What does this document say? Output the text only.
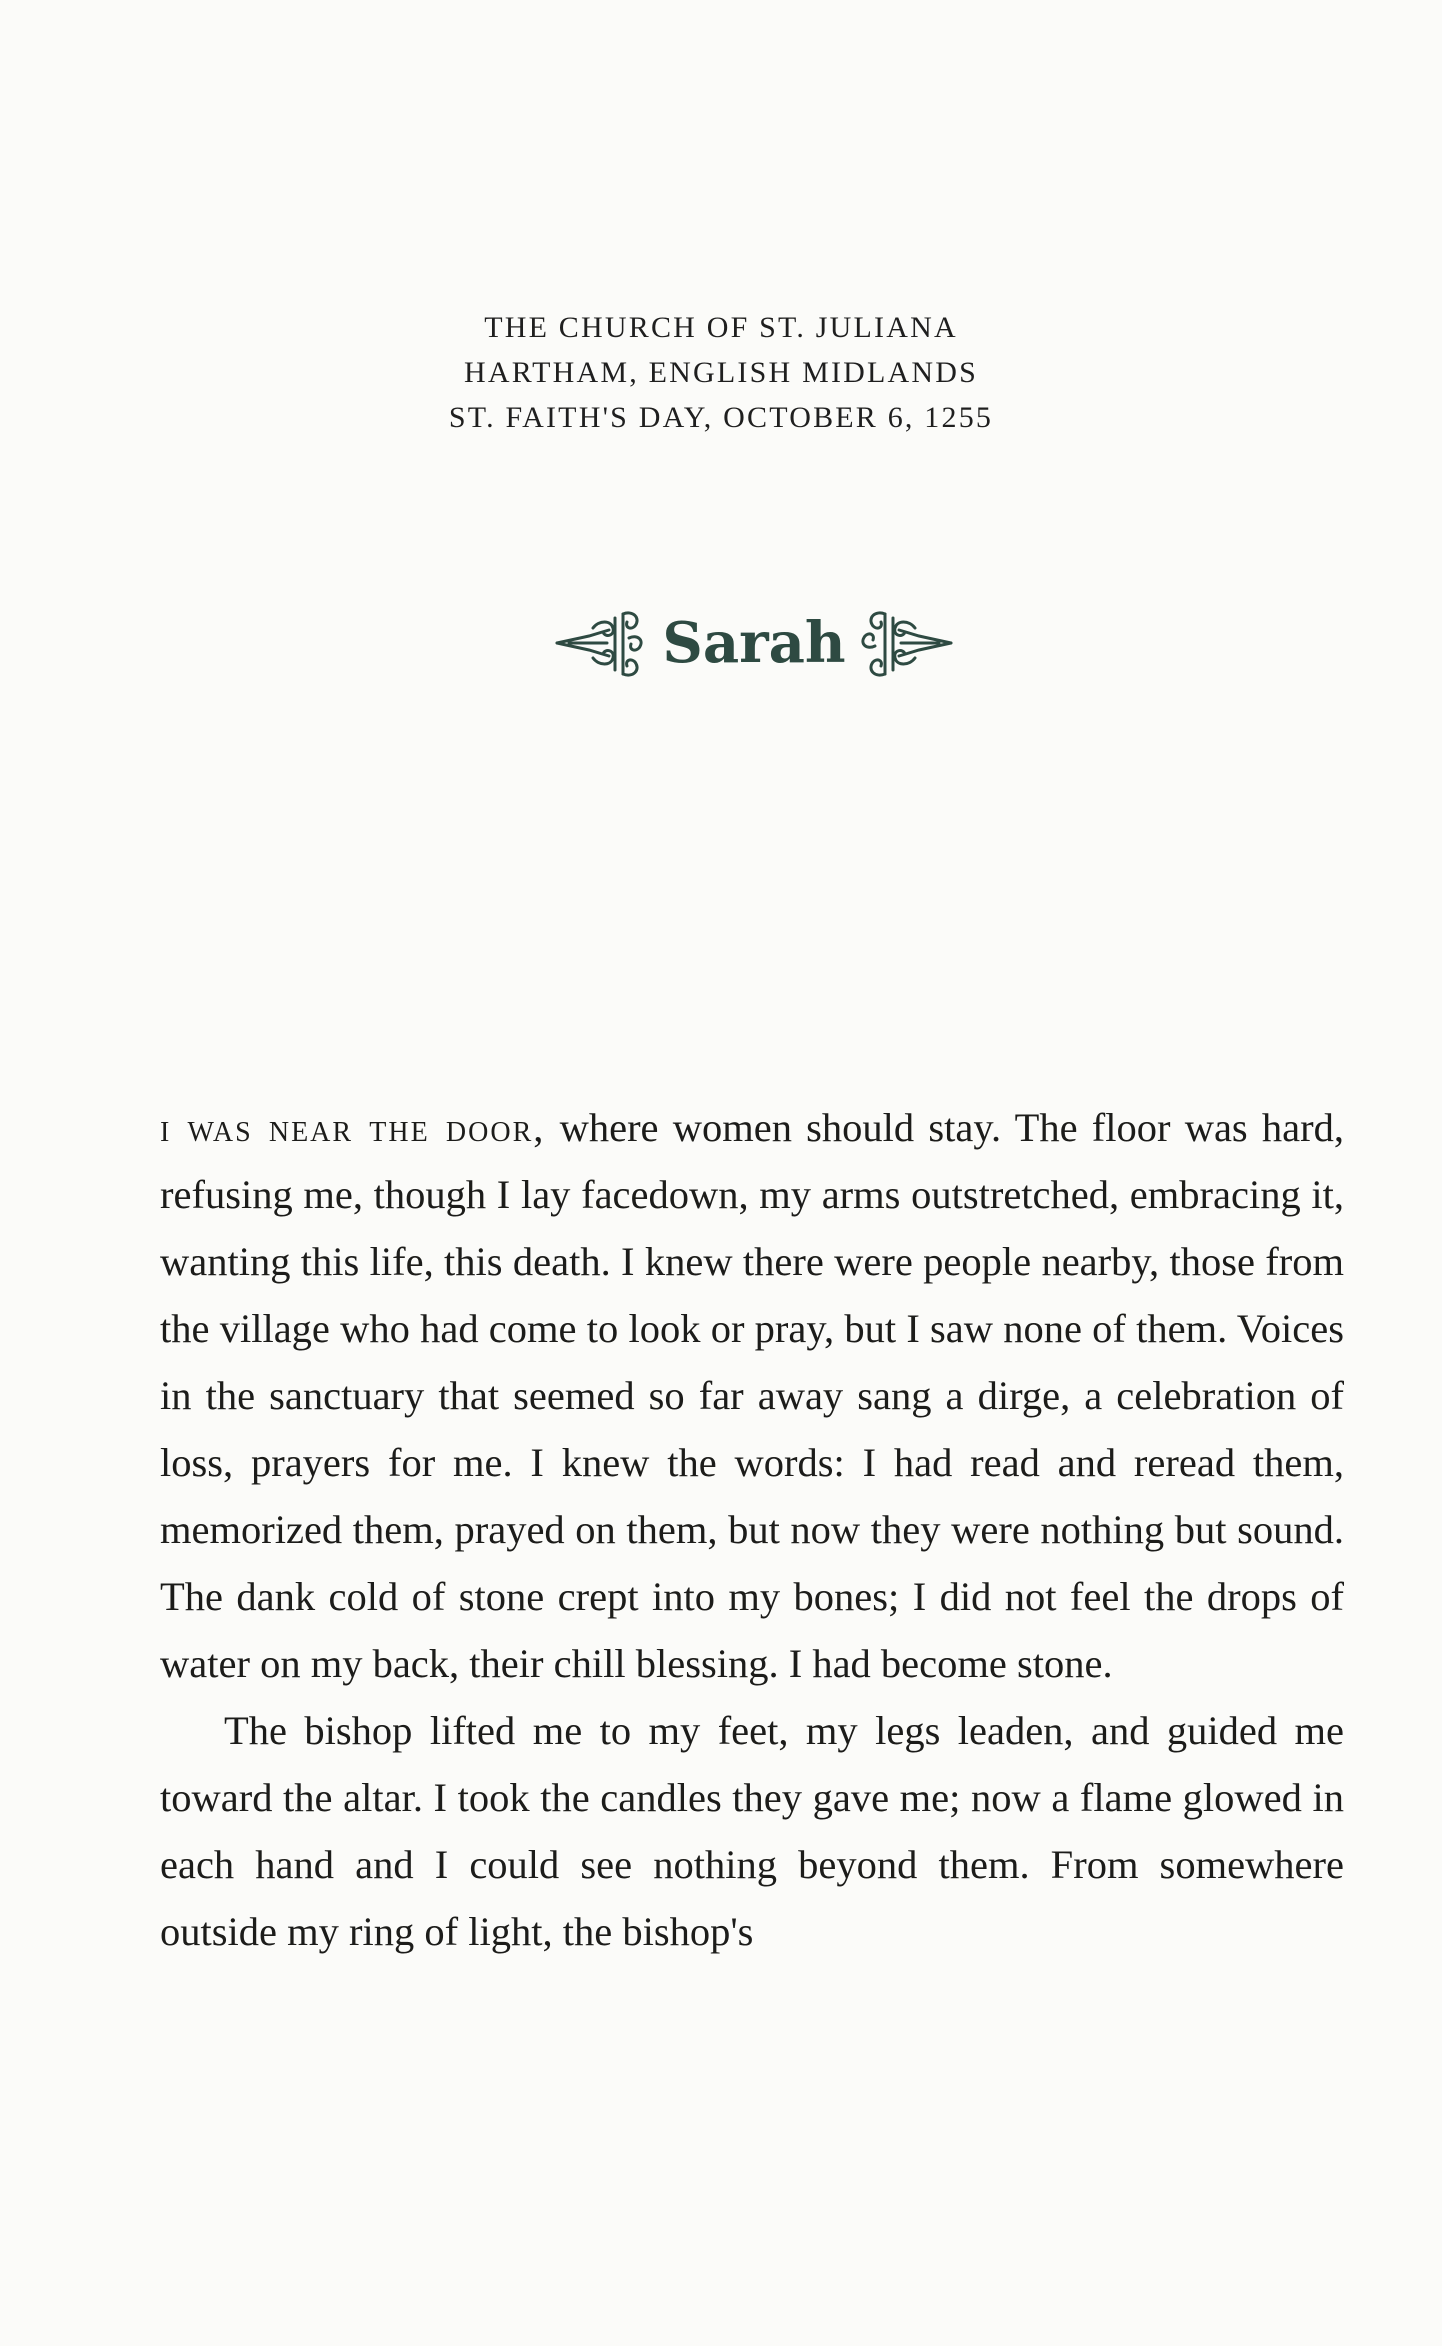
THE CHURCH OF ST. JULIANA
HARTHAM, ENGLISH MIDLANDS
ST. FAITH'S DAY, OCTOBER 6, 1255
Sarah

i was near the door, where women should stay. The floor was hard, refusing me, though I lay facedown, my arms outstretched, embracing it, wanting this life, this death. I knew there were people nearby, those from the village who had come to look or pray, but I saw none of them. Voices in the sanctuary that seemed so far away sang a dirge, a celebration of loss, prayers for me. I knew the words: I had read and reread them, memorized them, prayed on them, but now they were nothing but sound. The dank cold of stone crept into my bones; I did not feel the drops of water on my back, their chill blessing. I had become stone.

The bishop lifted me to my feet, my legs leaden, and guided me toward the altar. I took the candles they gave me; now a flame glowed in each hand and I could see nothing beyond them. From somewhere outside my ring of light, the bishop's
